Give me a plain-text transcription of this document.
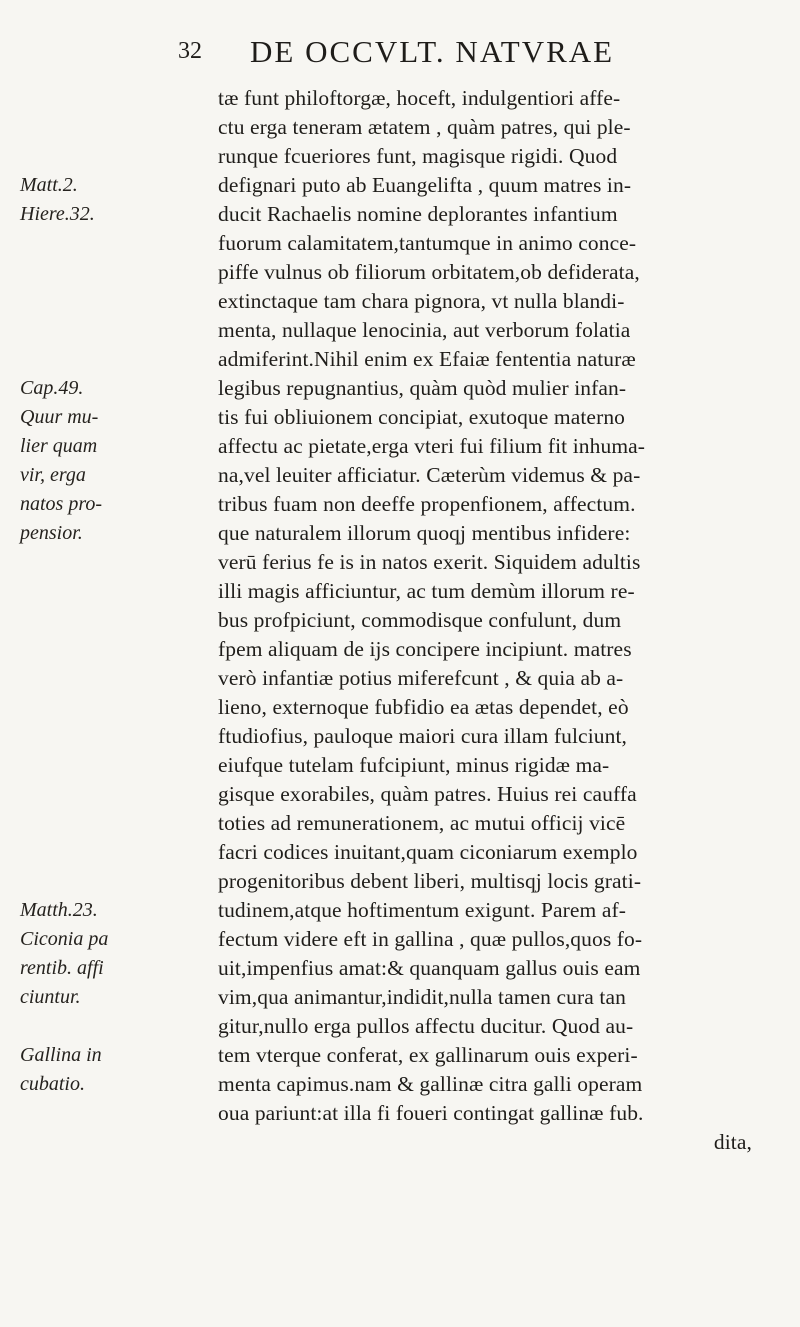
32 DE OCCVLT. NATVRAE
Matt.2.
Hiere.32.
Cap.49.
Quur mu-
lier quam
vir, erga
natos pro-
pensior.
Matth.23.
Ciconia pa
rentib. affi
ciuntur.
Gallina in
cubatio.
tæ funt philoftorgæ, hoceft, indulgentiori affe-
ctu erga teneram ætatem , quàm patres, qui ple-
runque fcueriores funt, magisque rigidi. Quod
defignari puto ab Euangelifta , quum matres in-
ducit Rachaelis nomine deplorantes infantium
fuorum calamitatem,tantumque in animo conce-
piffe vulnus ob filiorum orbitatem,ob defiderata,
extinctaque tam chara pignora, vt nulla blandi-
menta, nullaque lenocinia, aut verborum folatia
admiferint.Nihil enim ex Efaiæ fententia naturæ
legibus repugnantius, quàm quòd mulier infan-
tis fui obliuionem concipiat, exutoque materno
affectu ac pietate,erga vteri fui filium fit inhuma-
na,vel leuiter afficiatur. Cæterùm videmus & pa-
tribus fuam non deeffe propenfionem, affectum.
que naturalem illorum quoqj mentibus infidere:
verū ferius fe is in natos exerit. Siquidem adultis
illi magis afficiuntur, ac tum demùm illorum re-
bus profpiciunt, commodisque confulunt, dum
fpem aliquam de ijs concipere incipiunt. matres
verò infantiæ potius miferefcunt , & quia ab a-
lieno, externoque fubfidio ea ætas dependet, eò
ftudiofius, pauloque maiori cura illam fulciunt,
eiufque tutelam fufcipiunt, minus rigidæ ma-
gisque exorabiles, quàm patres. Huius rei cauffa
toties ad remunerationem, ac mutui officij vicē
facri codices inuitant,quam ciconiarum exemplo
progenitoribus debent liberi, multisqj locis grati-
tudinem,atque hoftimentum exigunt. Parem af-
fectum videre eft in gallina , quæ pullos,quos fo-
uit,impenfius amat:& quanquam gallus ouis eam
vim,qua animantur,indidit,nulla tamen cura tan
gitur,nullo erga pullos affectu ducitur. Quod au-
tem vterque conferat, ex gallinarum ouis experi-
menta capimus.nam & gallinæ citra galli operam
oua pariunt:at illa fi foueri contingat gallinæ fub.
dita,
